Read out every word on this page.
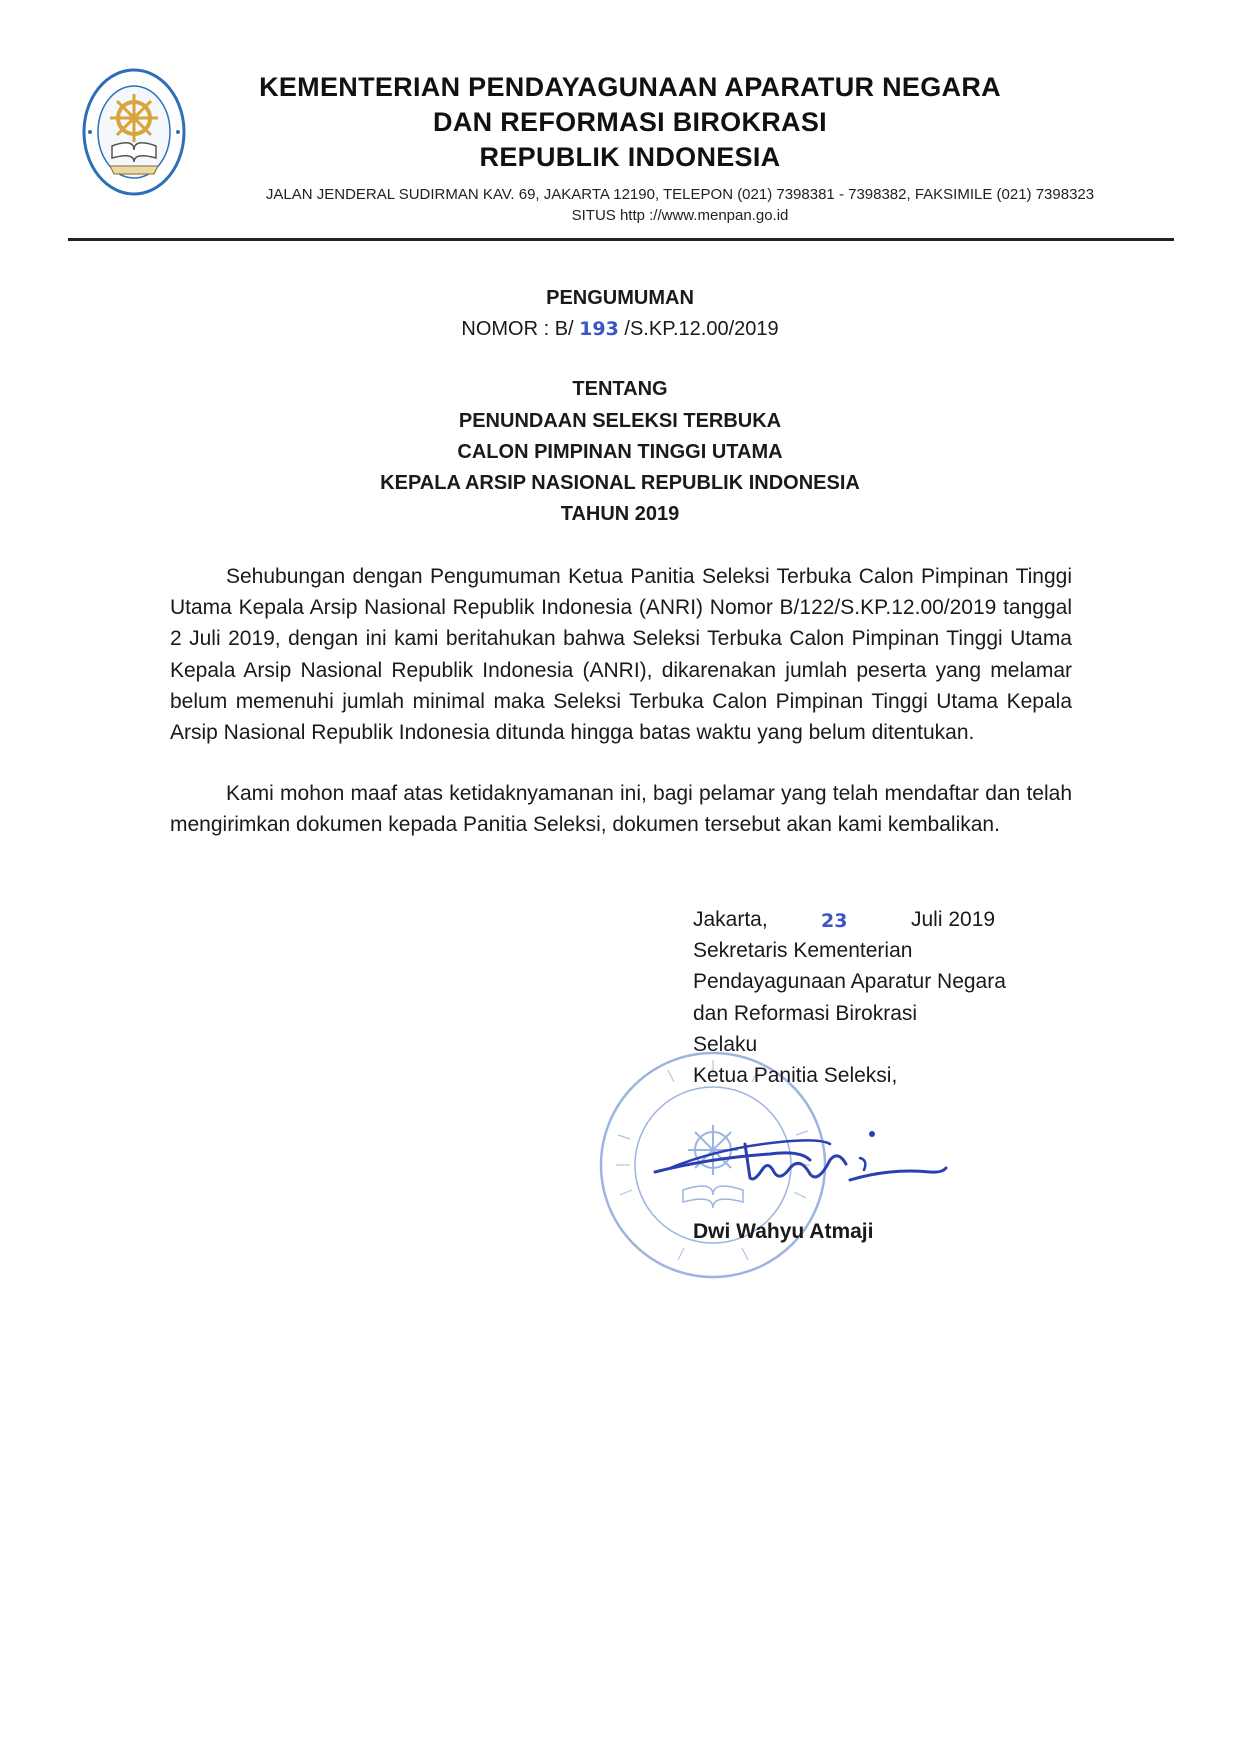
KEMENTERIAN PENDAYAGUNAAN APARATUR NEGARA
DAN REFORMASI BIROKRASI
REPUBLIK INDONESIA
JALAN JENDERAL SUDIRMAN KAV. 69, JAKARTA 12190, TELEPON (021) 7398381 - 7398382, FAKSIMILE (021) 7398323
SITUS http ://www.menpan.go.id
PENGUMUMAN
NOMOR : B/ 193 /S.KP.12.00/2019
TENTANG
PENUNDAAN SELEKSI TERBUKA
CALON PIMPINAN TINGGI UTAMA
KEPALA ARSIP NASIONAL REPUBLIK INDONESIA
TAHUN 2019

Sehubungan dengan Pengumuman Ketua Panitia Seleksi Terbuka Calon Pimpinan Tinggi Utama Kepala Arsip Nasional Republik Indonesia (ANRI) Nomor B/122/S.KP.12.00/2019 tanggal 2 Juli 2019, dengan ini kami beritahukan bahwa Seleksi Terbuka Calon Pimpinan Tinggi Utama Kepala Arsip Nasional Republik Indonesia (ANRI), dikarenakan jumlah peserta yang melamar belum memenuhi jumlah minimal maka Seleksi Terbuka Calon Pimpinan Tinggi Utama Kepala Arsip Nasional Republik Indonesia ditunda hingga batas waktu yang belum ditentukan.

Kami mohon maaf atas ketidaknyamanan ini, bagi pelamar yang telah mendaftar dan telah mengirimkan dokumen kepada Panitia Seleksi, dokumen tersebut akan kami kembalikan.

Jakarta,	23	Juli 2019
Sekretaris Kementerian
Pendayagunaan Aparatur Negara
dan Reformasi Birokrasi
Selaku
Ketua Panitia Seleksi,
Dwi Wahyu Atmaji
